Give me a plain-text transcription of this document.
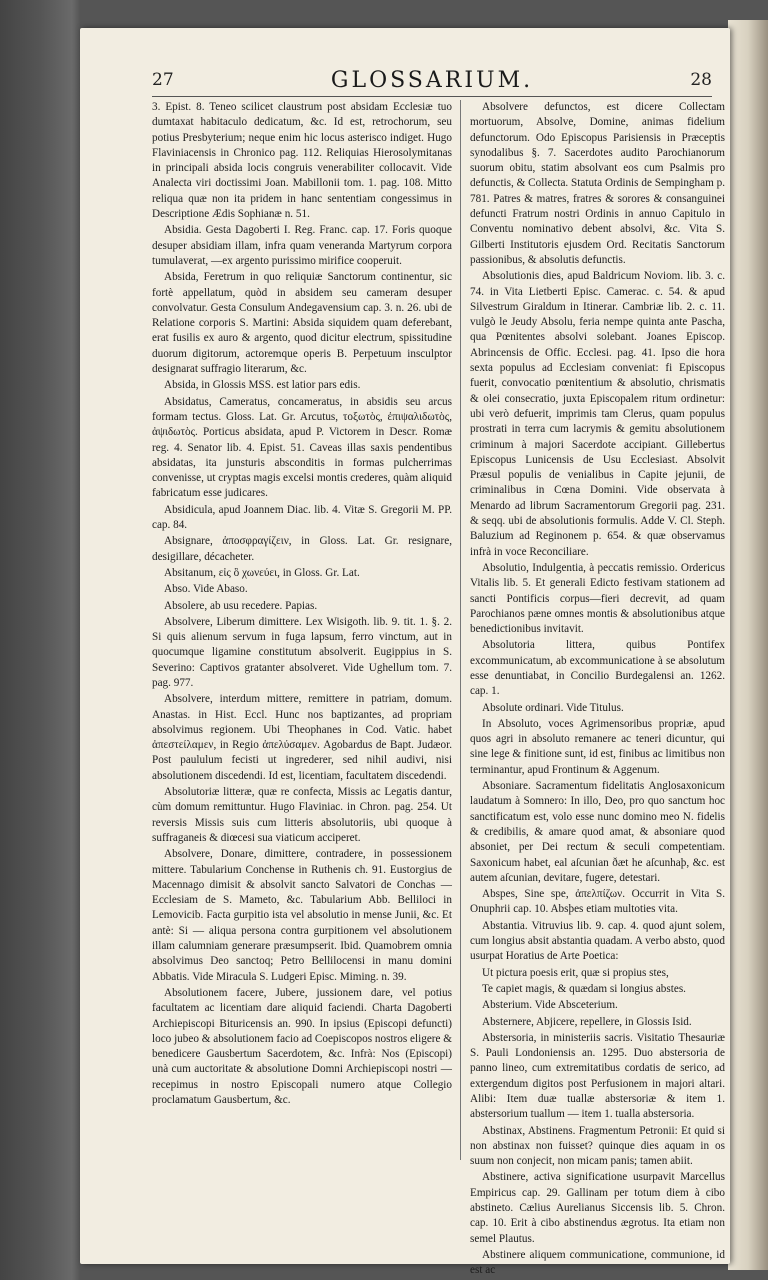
27	GLOSSARIUM.	28

3. Epist. 8. Teneo scilicet claustrum post absidam Ecclesiæ tuo dumtaxat habitaculo dedicatum, &c. Id est, retrochorum, seu potius Presbyterium; neque enim hic locus asterisco indiget. Hugo Flaviniacensis in Chronico pag. 112. Reliquias Hierosolymitanas in principali absida locis congruis venerabiliter collocavit. Vide Analecta viri doctissimi Joan. Mabillonii tom. 1. pag. 108. Mitto reliqua quæ non ita pridem in hanc sententiam congessimus in Descriptione Ædis Sophianæ n. 51.

Absidia. Gesta Dagoberti I. Reg. Franc. cap. 17. Foris quoque desuper absidiam illam, infra quam veneranda Martyrum corpora tumulaverat, —ex argento purissimo mirifice cooperuit.

Absida, Feretrum in quo reliquiæ Sanctorum continentur, sic fortè appellatum, quòd in absidem seu cameram desuper convolvatur. Gesta Consulum Andegavensium cap. 3. n. 26. ubi de Relatione corporis S. Martini: Absida siquidem quam deferebant, erat fusilis ex auro & argento, quod dicitur electrum, spissitudine duorum digitorum, actoremque operis B. Perpetuum insculptor designarat suffragio literarum, &c.

Absida, in Glossis MSS. est latior pars edis.

Absidatus, Cameratus, concameratus, in absidis seu arcus formam tectus. Gloss. Lat. Gr. Arcutus, τοξωτὸς, ἐπιψαλιδωτὸς, ἁψιδωτὸς. Porticus absidata, apud P. Victorem in Descr. Romæ reg. 4. Senator lib. 4. Epist. 51. Caveas illas saxis pendentibus absidatas, ita junsturis absconditis in formas pulcherrimas convenisse, ut cryptas magis excelsi montis crederes, quàm aliquid fabricatum esse judicares.

Absidicula, apud Joannem Diac. lib. 4. Vitæ S. Gregorii M. PP. cap. 84.

Absignare, ἀποσφραγίζειν, in Gloss. Lat. Gr. resignare, desigillare, décacheter.

Absitanum, εἰς ὃ χωνεύει, in Gloss. Gr. Lat.

Abso. Vide Abaso.

Absolere, ab usu recedere. Papias.

Absolvere, Liberum dimittere. Lex Wisigoth. lib. 9. tit. 1. §. 2. Si quis alienum servum in fuga lapsum, ferro vinctum, aut in quocumque ligamine constitutum absolverit. Eugippius in S. Severino: Captivos gratanter absolveret. Vide Ughellum tom. 7. pag. 977.

Absolvere, interdum mittere, remittere in patriam, domum. Anastas. in Hist. Eccl. Hunc nos baptizantes, ad propriam absolvimus regionem. Ubi Theophanes in Cod. Vatic. habet ἀπεστείλαμεν, in Regio ἀπελύσαμεν. Agobardus de Bapt. Judæor. Post paululum fecisti ut ingrederer, sed nihil audivi, nisi absolutionem discedendi. Id est, licentiam, facultatem discedendi.

Absolutoriæ litteræ, quæ re confecta, Missis ac Legatis dantur, cùm domum remittuntur. Hugo Flaviniac. in Chron. pag. 254. Ut reversis Missis suis cum litteris absolutoriis, ubi quoque à suffraganeis & diœcesi sua viaticum acciperet.

Absolvere, Donare, dimittere, contradere, in possessionem mittere. Tabularium Conchense in Ruthenis ch. 91. Eustorgius de Macennago dimisit & absolvit sancto Salvatori de Conchas — Ecclesiam de S. Mameto, &c. Tabularium Abb. Belliloci in Lemovicib. Facta gurpitio ista vel absolutio in mense Junii, &c. Et antè: Si — aliqua persona contra gurpitionem vel absolutionem illam calumniam generare præsumpserit. Ibid. Quamobrem omnia absolvimus Deo sanctoq; Petro Bellilocensi in manu domini Abbatis. Vide Miracula S. Ludgeri Episc. Miming. n. 39.

Absolutionem facere, Jubere, jussionem dare, vel potius facultatem ac licentiam dare aliquid faciendi. Charta Dagoberti Archiepiscopi Bituricensis an. 990. In ipsius (Episcopi defuncti) loco jubeo & absolutionem facio ad Coepiscopos nostros eligere & benedicere Gausbertum Sacerdotem, &c. Infrà: Nos (Episcopi) unà cum auctoritate & absolutione Domni Archiepiscopi nostri — recepimus in nostro Episcopali numero atque Collegio proclamatum Gausbertum, &c.

Absolvere defunctos, est dicere Collectam mortuorum, Absolve, Domine, animas fidelium defunctorum. Odo Episcopus Parisiensis in Præceptis synodalibus §. 7. Sacerdotes audito Parochianorum suorum obitu, statim absolvant eos cum Psalmis pro defunctis, & Collecta. Statuta Ordinis de Sempingham p. 781. Patres & matres, fratres & sorores & consanguinei defuncti Fratrum nostri Ordinis in annuo Capitulo in Conventu nominativo debent absolvi, &c. Vita S. Gilberti Institutoris ejusdem Ord. Recitatis Sanctorum passionibus, & absolutis defunctis.

Absolutionis dies, apud Baldricum Noviom. lib. 3. c. 74. in Vita Lietberti Episc. Camerac. c. 54. & apud Silvestrum Giraldum in Itinerar. Cambriæ lib. 2. c. 11. vulgò le Jeudy Absolu, feria nempe quinta ante Pascha, qua Pœnitentes absolvi solebant. Joanes Episcop. Abrincensis de Offic. Ecclesi. pag. 41. Ipso die hora sexta populus ad Ecclesiam conveniat: fi Episcopus fuerit, convocatio pœnitentium & absolutio, chrismatis & olei consecratio, juxta Episcopalem ritum ordinetur: ubi verò defuerit, imprimis tam Clerus, quam populus prostrati in terra cum lacrymis & gemitu absolutionem criminum à majori Sacerdote accipiant. Gillebertus Episcopus Lunicensis de Usu Ecclesiast. Absolvit Præsul populis de venialibus in Capite jejunii, de criminalibus in Cœna Domini. Vide observata à Menardo ad librum Sacramentorum Gregorii pag. 231. & seqq. ubi de absolutionis formulis. Adde V. Cl. Steph. Baluzium ad Reginonem p. 654. & quæ observamus infrà in voce Reconciliare.

Absolutio, Indulgentia, à peccatis remissio. Ordericus Vitalis lib. 5. Et generali Edicto festivam stationem ad sancti Pontificis corpus—fieri decrevit, ad quam Parochianos pæne omnes montis & absolutionibus atque benedictionibus invitavit.

Absolutoria littera, quibus Pontifex excommunicatum, ab excommunicatione à se absolutum esse denuntiabat, in Concilio Burdegalensi an. 1262. cap. 1.

Absolute ordinari. Vide Titulus.

In Absoluto, voces Agrimensoribus propriæ, apud quos agri in absoluto remanere ac teneri dicuntur, qui sine lege & finitione sunt, id est, finibus ac limitibus non terminantur, apud Frontinum & Aggenum.

Absoniare. Sacramentum fidelitatis Anglosaxonicum laudatum à Somnero: In illo, Deo, pro quo sanctum hoc sanctificatum est, volo esse nunc domino meo N. fidelis & credibilis, & amare quod amat, & absoniare quod absoniet, per Dei rectum & seculi competentiam. Saxonicum habet, eal aſcunian ðæt he aſcunhaþ, &c. est autem aſcunian, devitare, fugere, detestari.

Abspes, Sine spe, ἀπελπίζων. Occurrit in Vita S. Onuphrii cap. 10. Absþes etiam multoties vita.

Abstantia. Vitruvius lib. 9. cap. 4. quod ajunt solem, cum longius absit abstantia quadam. A verbo absto, quod usurpat Horatius de Arte Poetica:

Ut pictura poesis erit, quæ si propius stes,

Te capiet magis, & quædam si longius abstes.

Absterium. Vide Absceterium.

Absternere, Abjicere, repellere, in Glossis Isid.

Abstersoria, in ministeriis sacris. Visitatio Thesauriæ S. Pauli Londoniensis an. 1295. Duo abstersoria de panno lineo, cum extremitatibus cordatis de serico, ad extergendum digitos post Perfusionem in majori altari. Alibi: Item duæ tuallæ abstersoriæ & item 1. abstersorium tuallum — item 1. tualla abstersoria.

Abstinax, Abstinens. Fragmentum Petronii: Et quid si non abstinax non fuisset? quinque dies aquam in os suum non conjecit, non micam panis; tamen abiit.

Abstinere, activa significatione usurpavit Marcellus Empiricus cap. 29. Gallinam per totum diem à cibo abstineto. Cælius Aurelianus Siccensis lib. 5. Chron. cap. 10. Erit à cibo abstinendus ægrotus. Ita etiam non semel Plautus.

Abstinere aliquem communicatione, communione, id est ac
